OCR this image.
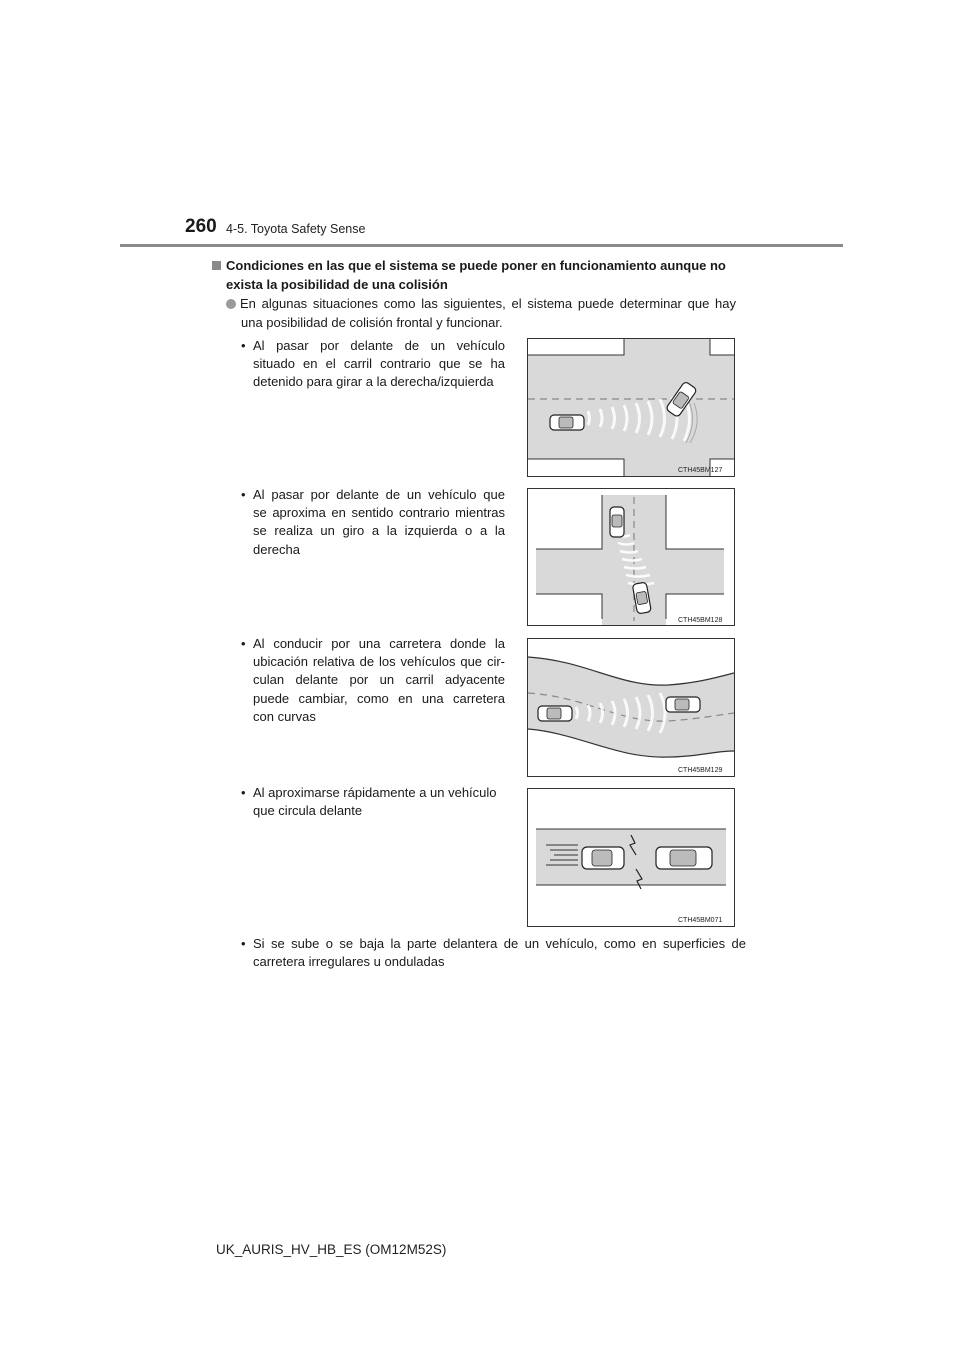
260 4-5. Toyota Safety Sense
Condiciones en las que el sistema se puede poner en funcionamiento aunque no
exista la posibilidad de una colisión
En algunas situaciones como las siguientes, el sistema puede determinar que hay
una posibilidad de colisión frontal y funcionar.
• Al pasar por delante de un vehículo
situado en el carril contrario que se ha
detenido para girar a la derecha/izquierda
• Al pasar por delante de un vehículo que
se aproxima en sentido contrario mientras
se realiza un giro a la izquierda o a la
derecha
• Al conducir por una carretera donde la
ubicación relativa de los vehículos que cir-
culan delante por un carril adyacente
puede cambiar, como en una carretera
con curvas
• Al aproximarse rápidamente a un vehículo
que circula delante
• Si se sube o se baja la parte delantera de un vehículo, como en superficies de
carretera irregulares u onduladas
CTH45BM127
CTH45BM128
CTH45BM129
CTH45BM071
UK_AURIS_HV_HB_ES (OM12M52S)
